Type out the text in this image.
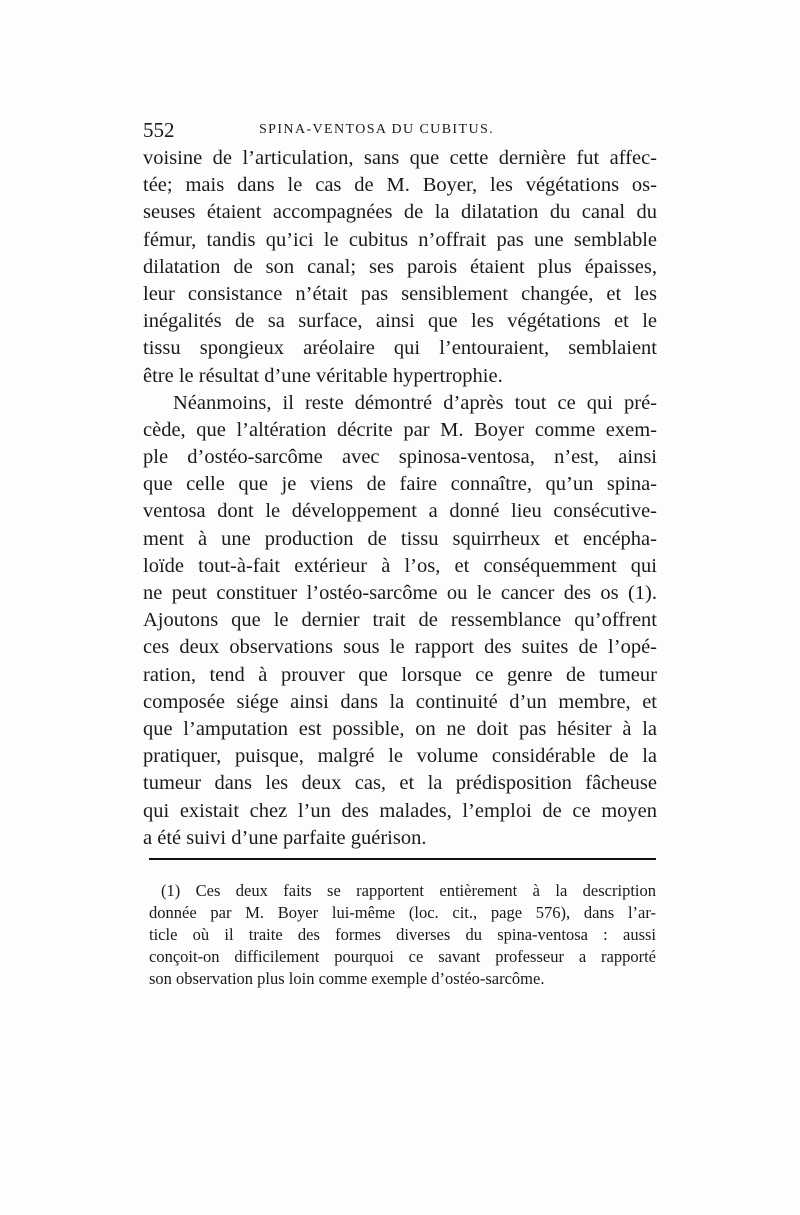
552	SPINA-VENTOSA DU CUBITUS.
voisine de l’articulation, sans que cette dernière fut affec-
tée; mais dans le cas de M. Boyer, les végétations os-
seuses étaient accompagnées de la dilatation du canal du
fémur, tandis qu’ici le cubitus n’offrait pas une semblable
dilatation de son canal; ses parois étaient plus épaisses,
leur consistance n’était pas sensiblement changée, et les
inégalités de sa surface, ainsi que les végétations et le
tissu spongieux aréolaire qui l’entouraient, semblaient
être le résultat d’une véritable hypertrophie.
Néanmoins, il reste démontré d’après tout ce qui pré-
cède, que l’altération décrite par M. Boyer comme exem-
ple d’ostéo-sarcôme avec spinosa-ventosa, n’est, ainsi
que celle que je viens de faire connaître, qu’un spina-
ventosa dont le développement a donné lieu consécutive-
ment à une production de tissu squirrheux et encépha-
loïde tout-à-fait extérieur à l’os, et conséquemment qui
ne peut constituer l’ostéo-sarcôme ou le cancer des os (1).
Ajoutons que le dernier trait de ressemblance qu’offrent
ces deux observations sous le rapport des suites de l’opé-
ration, tend à prouver que lorsque ce genre de tumeur
composée siége ainsi dans la continuité d’un membre, et
que l’amputation est possible, on ne doit pas hésiter à la
pratiquer, puisque, malgré le volume considérable de la
tumeur dans les deux cas, et la prédisposition fâcheuse
qui existait chez l’un des malades, l’emploi de ce moyen
a été suivi d’une parfaite guérison.
(1) Ces deux faits se rapportent entièrement à la description
donnée par M. Boyer lui-même (loc. cit., page 576), dans l’ar-
ticle où il traite des formes diverses du spina-ventosa : aussi
conçoit-on difficilement pourquoi ce savant professeur a rapporté
son observation plus loin comme exemple d’ostéo-sarcôme.
